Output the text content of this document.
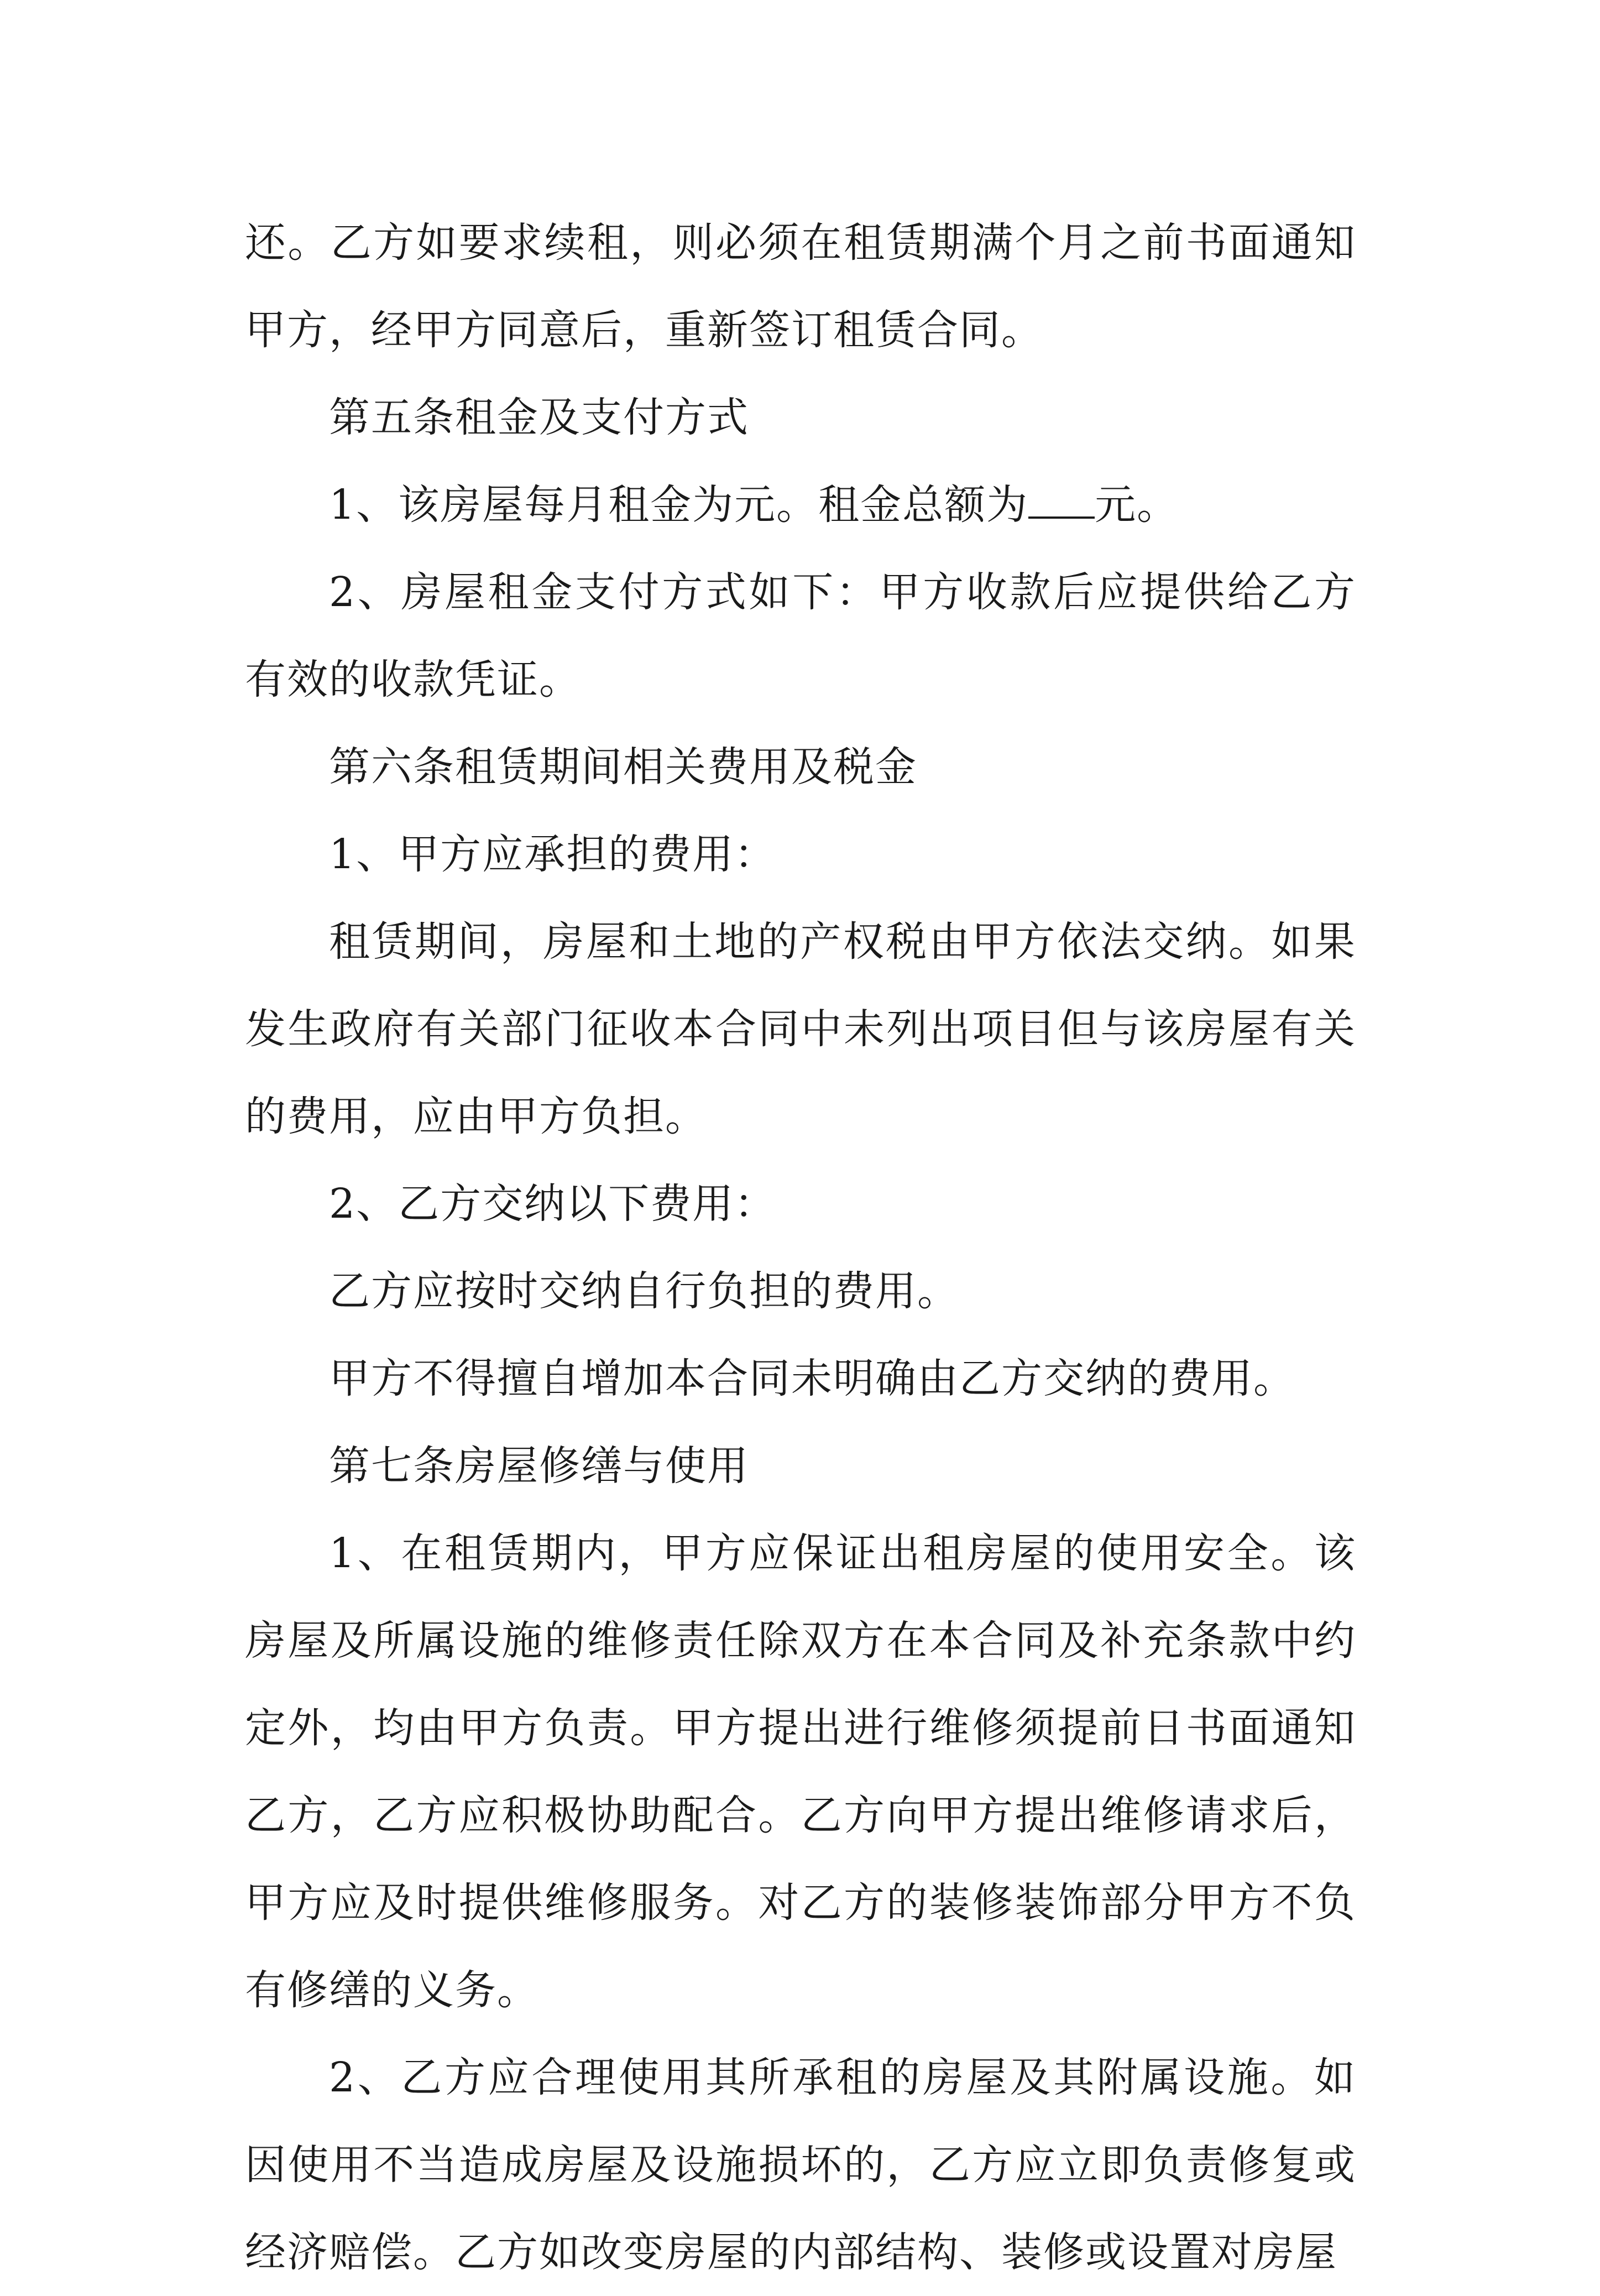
还。乙方如要求续租，则必须在租赁期满个月之前书面通知甲方，经甲方同意后，重新签订租赁合同。

第五条租金及支付方式

1、该房屋每月租金为元。租金总额为 元。

2、房屋租金支付方式如下：甲方收款后应提供给乙方有效的收款凭证。

第六条租赁期间相关费用及税金

1、甲方应承担的费用：

租赁期间，房屋和土地的产权税由甲方依法交纳。如果发生政府有关部门征收本合同中未列出项目但与该房屋有关的费用，应由甲方负担。

2、乙方交纳以下费用：

乙方应按时交纳自行负担的费用。

甲方不得擅自增加本合同未明确由乙方交纳的费用。

第七条房屋修缮与使用

1、在租赁期内，甲方应保证出租房屋的使用安全。该房屋及所属设施的维修责任除双方在本合同及补充条款中约定外，均由甲方负责。甲方提出进行维修须提前日书面通知乙方，乙方应积极协助配合。乙方向甲方提出维修请求后，甲方应及时提供维修服务。对乙方的装修装饰部分甲方不负有修缮的义务。

2、乙方应合理使用其所承租的房屋及其附属设施。如因使用不当造成房屋及设施损坏的，乙方应立即负责修复或经济赔偿。乙方如改变房屋的内部结构、装修或设置对房屋
